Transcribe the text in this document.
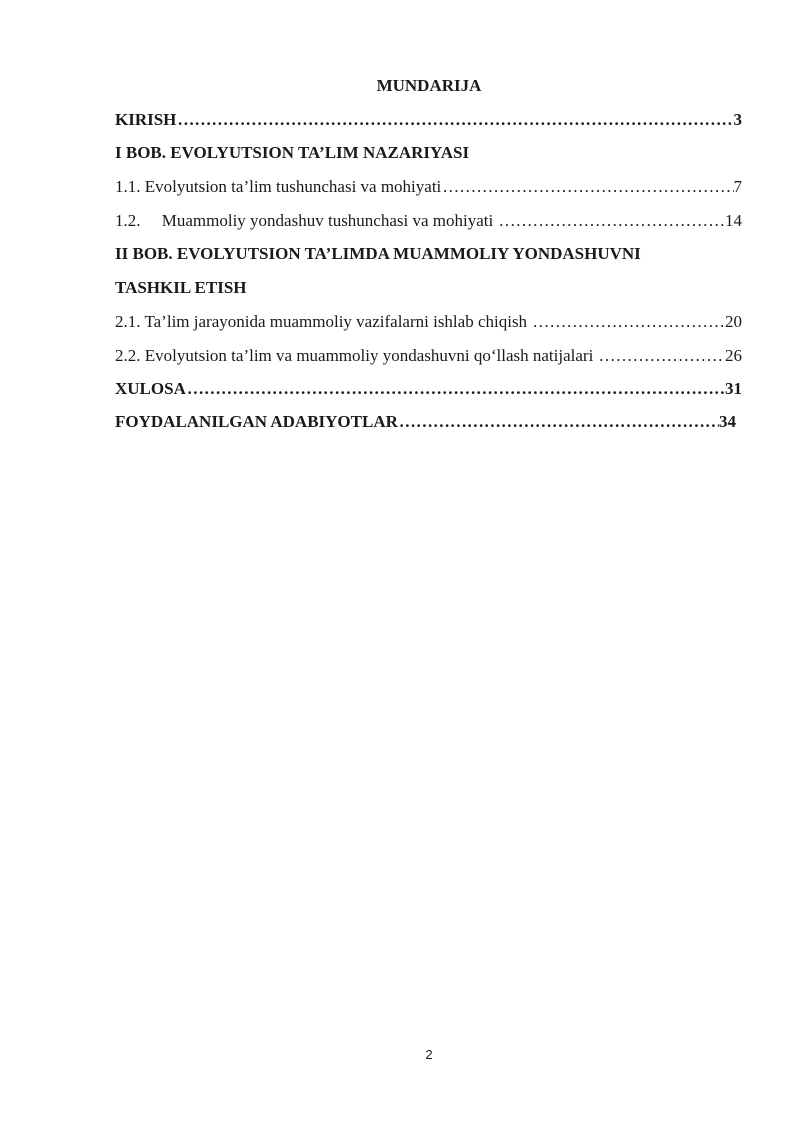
MUNDARIJA
KIRISH …………………………………………………………………………………………………………………………………………………………………………	3
I BOB. EVOLYUTSION TA’LIM NAZARIYASI
1.1. Evolyutsion ta’lim tushunchasi va mohiyati …………………………………………………………………………………………………………………………………………………………………………	7
1.2.     Muammoliy yondashuv tushunchasi va mohiyati …………………………………………………………………………………………………………………………………………………………………………	14
II BOB. EVOLYUTSION TA’LIMDA MUAMMOLIY YONDASHUVNI
TASHKIL ETISH
2.1. Ta’lim jarayonida muammoliy vazifalarni ishlab chiqish …………………………………………………………………………………………………………………………………………………………………………	20
2.2. Evolyutsion ta’lim va muammoliy yondashuvni qo‘llash natijalari …………………………………………………………………………………………………………………………………………………………………………	26
XULOSA …………………………………………………………………………………………………………………………………………………………………………	31
FOYDALANILGAN ADABIYOTLAR …………………………………………………………………………………………………………………………………………………………………………	34
2
